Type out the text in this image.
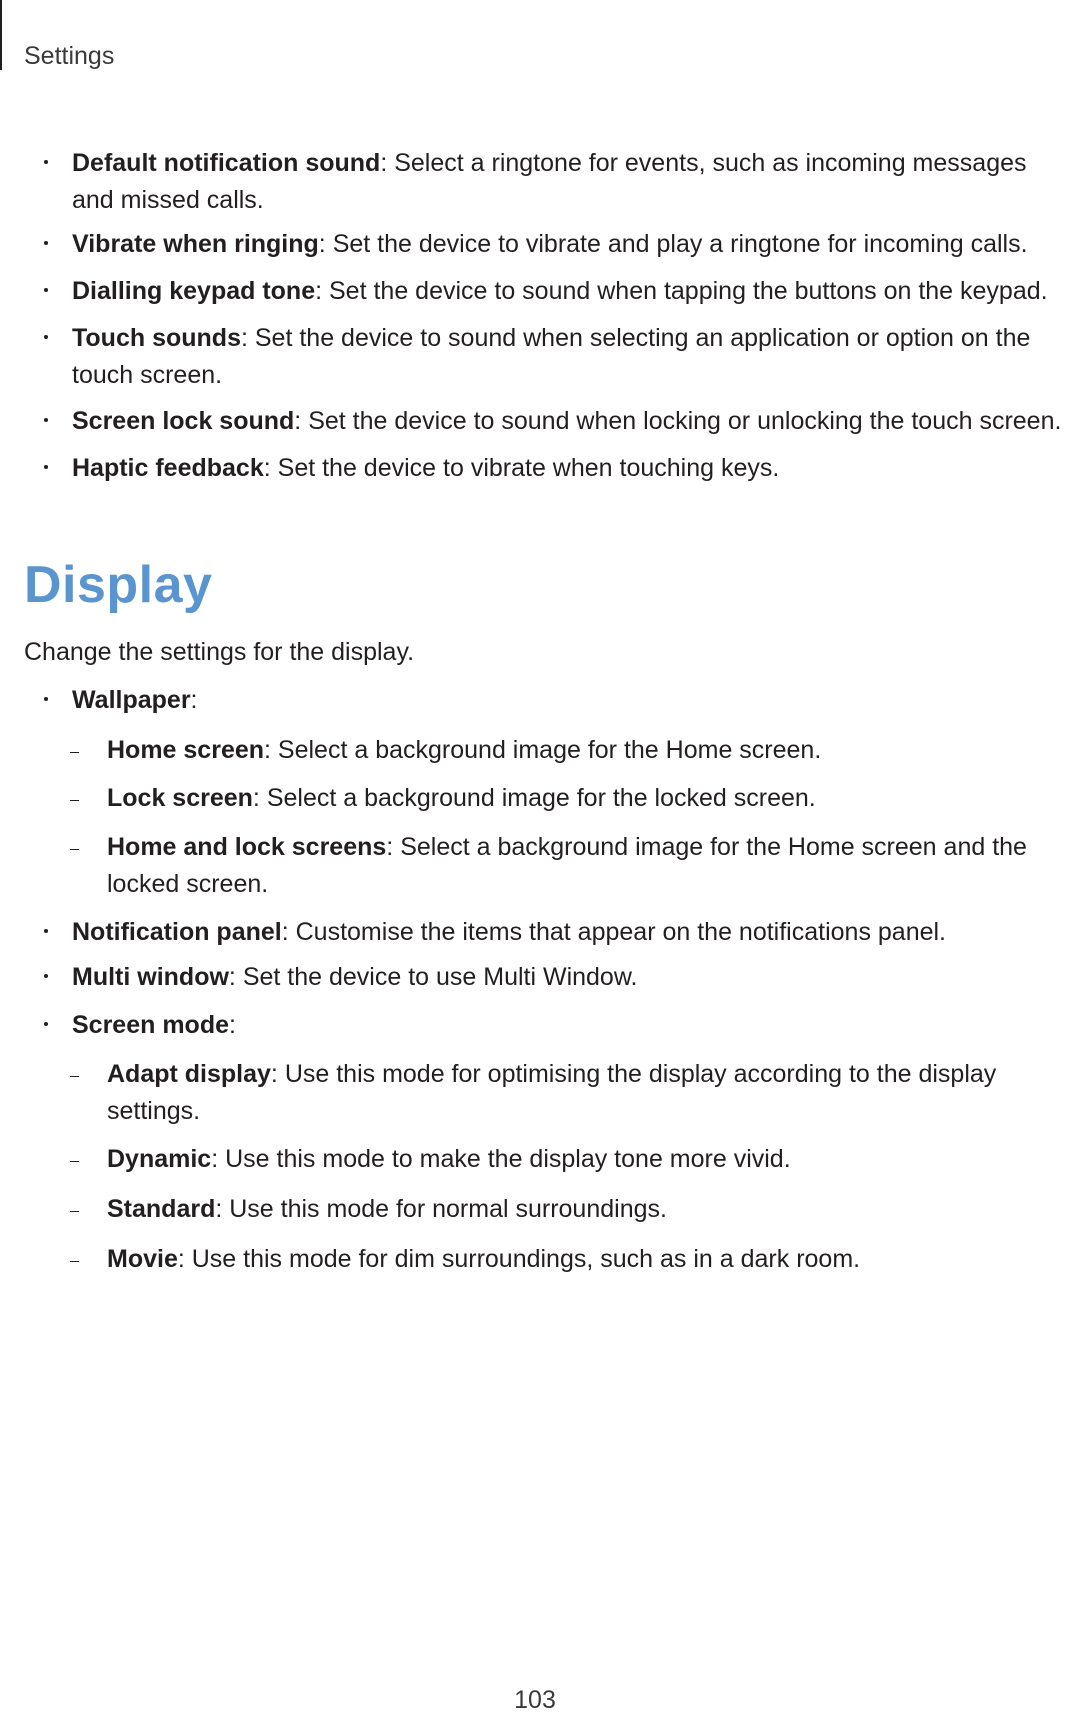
Settings
Default notification sound: Select a ringtone for events, such as incoming messages and missed calls.
Vibrate when ringing: Set the device to vibrate and play a ringtone for incoming calls.
Dialling keypad tone: Set the device to sound when tapping the buttons on the keypad.
Touch sounds: Set the device to sound when selecting an application or option on the touch screen.
Screen lock sound: Set the device to sound when locking or unlocking the touch screen.
Haptic feedback: Set the device to vibrate when touching keys.
Display
Change the settings for the display.
Wallpaper:
Home screen: Select a background image for the Home screen.
Lock screen: Select a background image for the locked screen.
Home and lock screens: Select a background image for the Home screen and the locked screen.
Notification panel: Customise the items that appear on the notifications panel.
Multi window: Set the device to use Multi Window.
Screen mode:
Adapt display: Use this mode for optimising the display according to the display settings.
Dynamic: Use this mode to make the display tone more vivid.
Standard: Use this mode for normal surroundings.
Movie: Use this mode for dim surroundings, such as in a dark room.
103
